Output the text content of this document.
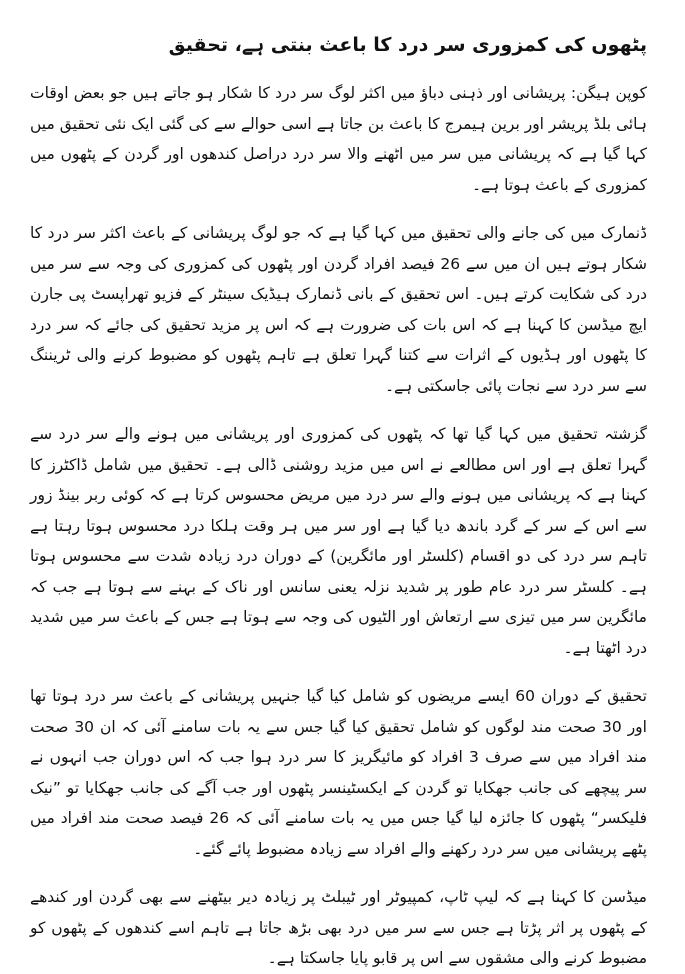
پٹھوں کی کمزوری سر درد کا باعث بنتی ہے، تحقیق

کوپن ہیگن: پریشانی اور ذہنی دباؤ میں اکثر لوگ سر درد کا شکار ہو جاتے ہیں جو بعض اوقات ہائی بلڈ پریشر اور برین ہیمرج کا باعث بن جاتا ہے اسی حوالے سے کی گئی ایک نئی تحقیق میں کہا گیا ہے کہ پریشانی میں سر میں اٹھنے والا سر درد دراصل کندھوں اور گردن کے پٹھوں میں کمزوری کے باعث ہوتا ہے۔

ڈنمارک میں کی جانے والی تحقیق میں کہا گیا ہے کہ جو لوگ پریشانی کے باعث اکثر سر درد کا شکار ہوتے ہیں ان میں سے 26 فیصد افراد گردن اور پٹھوں کی کمزوری کی وجہ سے سر میں درد کی شکایت کرتے ہیں۔ اس تحقیق کے بانی ڈنمارک ہیڈیک سینٹر کے فزیو تھراپسٹ پی جارن ایچ میڈسن کا کہنا ہے کہ اس بات کی ضرورت ہے کہ اس پر مزید تحقیق کی جائے کہ سر درد کا پٹھوں اور ہڈیوں کے اثرات سے کتنا گہرا تعلق ہے تاہم پٹھوں کو مضبوط کرنے والی ٹریننگ سے سر درد سے نجات پائی جاسکتی ہے۔

گزشتہ تحقیق میں کہا گیا تھا کہ پٹھوں کی کمزوری اور پریشانی میں ہونے والے سر درد سے گہرا تعلق ہے اور اس مطالعے نے اس میں مزید روشنی ڈالی ہے۔ تحقیق میں شامل ڈاکٹرز کا کہنا ہے کہ پریشانی میں ہونے والے سر درد میں مریض محسوس کرتا ہے کہ کوئی ربر بینڈ زور سے اس کے سر کے گرد باندھ دیا گیا ہے اور سر میں ہر وقت ہلکا درد محسوس ہوتا رہتا ہے تاہم سر درد کی دو اقسام (کلسٹر اور مائگرین) کے دوران درد زیادہ شدت سے محسوس ہوتا ہے۔ کلسٹر سر درد عام طور پر شدید نزلہ یعنی سانس اور ناک کے بہنے سے ہوتا ہے جب کہ مائگرین سر میں تیزی سے ارتعاش اور الٹیوں کی وجہ سے ہوتا ہے جس کے باعث سر میں شدید درد اٹھتا ہے۔

تحقیق کے دوران 60 ایسے مریضوں کو شامل کیا گیا جنہیں پریشانی کے باعث سر درد ہوتا تھا اور 30 صحت مند لوگوں کو شامل تحقیق کیا گیا جس سے یہ بات سامنے آئی کہ ان 30 صحت مند افراد میں سے صرف 3 افراد کو مائیگریز کا سر درد ہوا جب کہ اس دوران جب انہوں نے سر پیچھے کی جانب جھکایا تو گردن کے ایکسٹینسر پٹھوں اور جب آگے کی جانب جھکایا تو ”نیک فلیکسر“ پٹھوں کا جائزہ لیا گیا جس میں یہ بات سامنے آئی کہ 26 فیصد صحت مند افراد میں پٹھے پریشانی میں سر درد رکھنے والے افراد سے زیادہ مضبوط پائے گئے۔

میڈسن کا کہنا ہے کہ لیپ ٹاپ، کمپیوٹر اور ٹیبلٹ پر زیادہ دیر بیٹھنے سے بھی گردن اور کندھے کے پٹھوں پر اثر پڑتا ہے جس سے سر میں درد بھی بڑھ جاتا ہے تاہم اسے کندھوں کے پٹھوں کو مضبوط کرنے والی مشقوں سے اس پر قابو پایا جاسکتا ہے۔
